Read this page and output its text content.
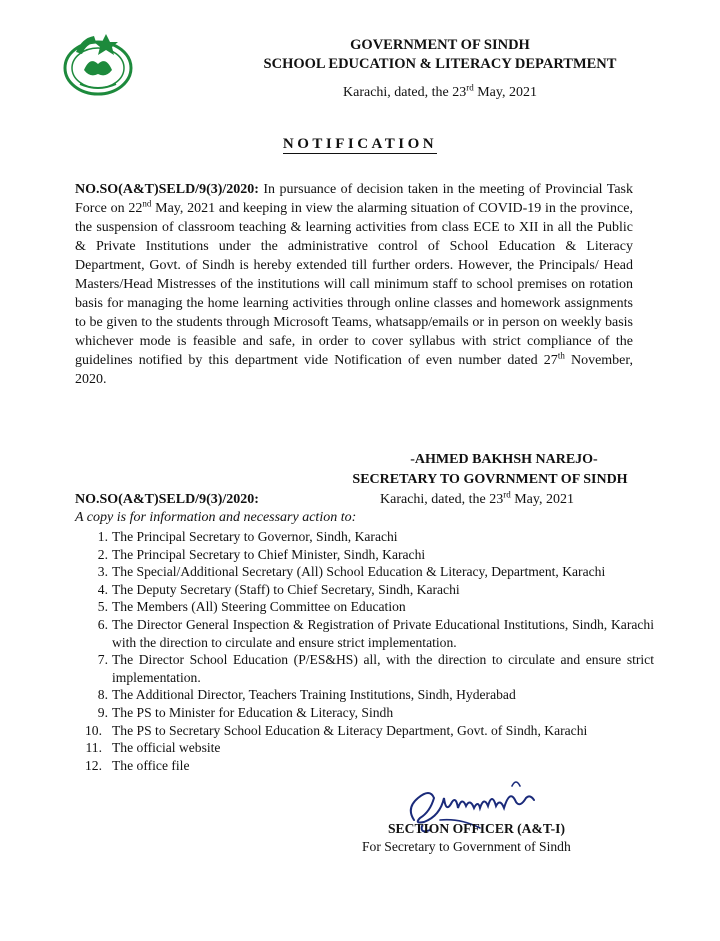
GOVERNMENT OF SINDH
SCHOOL EDUCATION & LITERACY DEPARTMENT
Karachi, dated, the 23rd May, 2021
NOTIFICATION
NO.SO(A&T)SELD/9(3)/2020: In pursuance of decision taken in the meeting of Provincial Task Force on 22nd May, 2021 and keeping in view the alarming situation of COVID-19 in the province, the suspension of classroom teaching & learning activities from class ECE to XII in all the Public & Private Institutions under the administrative control of School Education & Literacy Department, Govt. of Sindh is hereby extended till further orders. However, the Principals/ Head Masters/Head Mistresses of the institutions will call minimum staff to school premises on rotation basis for managing the home learning activities through online classes and homework assignments to be given to the students through Microsoft Teams, whatsapp/emails or in person on weekly basis whichever mode is feasible and safe, in order to cover syllabus with strict compliance of the guidelines notified by this department vide Notification of even number dated 27th November, 2020.
-AHMED BAKHSH NAREJO-
SECRETARY TO GOVRNMENT OF SINDH
NO.SO(A&T)SELD/9(3)/2020:	Karachi, dated, the 23rd May, 2021
A copy is for information and necessary action to:
1. The Principal Secretary to Governor, Sindh, Karachi
2. The Principal Secretary to Chief Minister, Sindh, Karachi
3. The Special/Additional Secretary (All) School Education & Literacy, Department, Karachi
4. The Deputy Secretary (Staff) to Chief Secretary, Sindh, Karachi
5. The Members (All) Steering Committee on Education
6. The Director General Inspection & Registration of Private Educational Institutions, Sindh, Karachi with the direction to circulate and ensure strict implementation.
7. The Director School Education (P/ES&HS) all, with the direction to circulate and ensure strict implementation.
8. The Additional Director, Teachers Training Institutions, Sindh, Hyderabad
9. The PS to Minister for Education & Literacy, Sindh
10. The PS to Secretary School Education & Literacy Department, Govt. of Sindh, Karachi
11. The official website
12. The office file
SECTION OFFICER (A&T-I)
For Secretary to Government of Sindh
